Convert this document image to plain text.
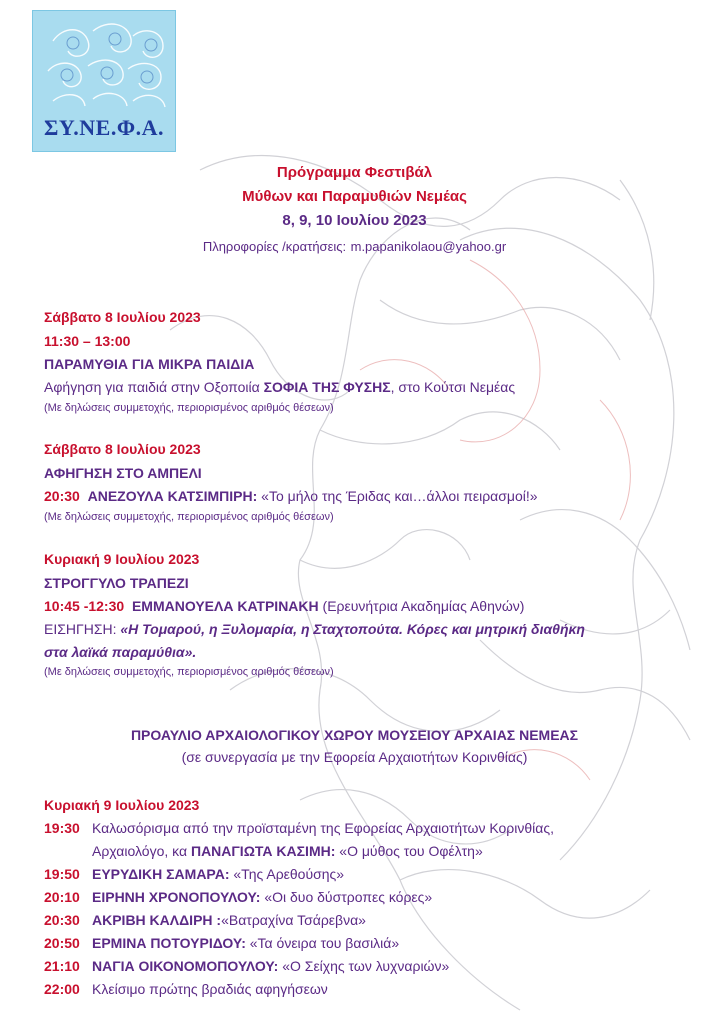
ΣΥ.ΝΕ.Φ.Α.
Πρόγραμμα Φεστιβάλ
Μύθων και Παραμυθιών Νεμέας
8, 9, 10 Ιουλίου 2023
Πληροφορίες /κρατήσεις: m.papanikolaou@yahoo.gr
Σάββατο 8 Ιουλίου 2023
11:30 – 13:00
ΠΑΡΑΜΥΘΙΑ ΓΙΑ ΜΙΚΡΑ ΠΑΙΔΙΑ
Αφήγηση για παιδιά στην Οξοποιία ΣΟΦΙΑ ΤΗΣ ΦΥΣΗΣ, στο Κούτσι Νεμέας
(Με δηλώσεις συμμετοχής, περιορισμένος αριθμός θέσεων)
Σάββατο 8 Ιουλίου 2023
ΑΦΗΓΗΣΗ ΣΤΟ ΑΜΠΕΛΙ
20:30 ΑΝΕΖΟΥΛΑ ΚΑΤΣΙΜΠΙΡΗ: «Το μήλο της Έριδας και…άλλοι πειρασμοί!»
(Με δηλώσεις συμμετοχής, περιορισμένος αριθμός θέσεων)
Κυριακή 9 Ιουλίου 2023
ΣΤΡΟΓΓΥΛΟ ΤΡΑΠΕΖΙ
10:45 -12:30 ΕΜΜΑΝΟΥΕΛΑ ΚΑΤΡΙΝΑΚΗ (Ερευνήτρια Ακαδημίας Αθηνών)
ΕΙΣΗΓΗΣΗ: «Η Τομαρού, η Ξυλομαρία, η Σταχτοπούτα. Κόρες και μητρική διαθήκη
στα λαϊκά παραμύθια».
(Με δηλώσεις συμμετοχής, περιορισμένος αριθμός θέσεων)
ΠΡΟΑΥΛΙΟ ΑΡΧΑΙΟΛΟΓΙΚΟΥ ΧΩΡΟΥ ΜΟΥΣΕΙΟΥ ΑΡΧΑΙΑΣ ΝΕΜΕΑΣ
(σε συνεργασία με την Εφορεία Αρχαιοτήτων Κορινθίας)
Κυριακή 9 Ιουλίου 2023
19:30 Καλωσόρισμα από την προϊσταμένη της Εφορείας Αρχαιοτήτων Κορινθίας,
Αρχαιολόγο, κα ΠΑΝΑΓΙΩΤΑ ΚΑΣΙΜΗ: «Ο μύθος του Οφέλτη»
19:50 ΕΥΡΥΔΙΚΗ ΣΑΜΑΡΑ: «Της Αρεθούσης»
20:10 ΕΙΡΗΝΗ ΧΡΟΝΟΠΟΥΛΟΥ: «Οι δυο δύστροπες κόρες»
20:30 ΑΚΡΙΒΗ ΚΑΛΔΙΡΗ :«Βατραχίνα Τσάρεβνα»
20:50 ΕΡΜΙΝΑ ΠΟΤΟΥΡΙΔΟΥ: «Τα όνειρα του βασιλιά»
21:10 ΝΑΓΙΑ ΟΙΚΟΝΟΜΟΠΟΥΛΟΥ: «Ο Σείχης των λυχναριών»
22:00 Κλείσιμο πρώτης βραδιάς αφηγήσεων
